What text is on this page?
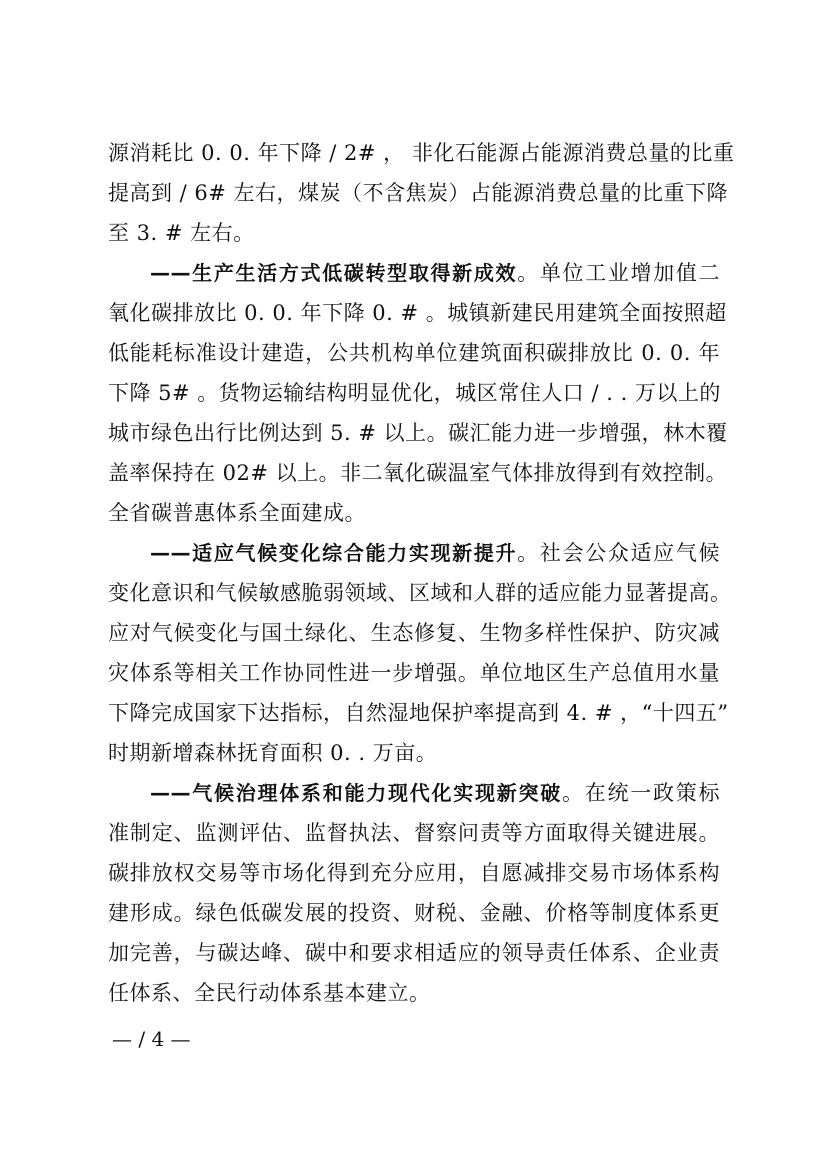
源消耗比 0. 0. 年下降 / 2# ， 非化石能源占能源消费总量的比重
提高到 / 6# 左右，煤炭（不含焦炭）占能源消费总量的比重下降
至 3. # 左右。
——生产生活方式低碳转型取得新成效。单位工业增加值二
氧化碳排放比 0. 0. 年下降 0. # 。城镇新建民用建筑全面按照超
低能耗标准设计建造，公共机构单位建筑面积碳排放比 0. 0. 年
下降 5# 。货物运输结构明显优化，城区常住人口 / . . 万以上的
城市绿色出行比例达到 5. # 以上。碳汇能力进一步增强，林木覆
盖率保持在 02# 以上。非二氧化碳温室气体排放得到有效控制。
全省碳普惠体系全面建成。
——适应气候变化综合能力实现新提升。社会公众适应气候
变化意识和气候敏感脆弱领域、区域和人群的适应能力显著提高。
应对气候变化与国土绿化、生态修复、生物多样性保护、防灾减
灾体系等相关工作协同性进一步增强。单位地区生产总值用水量
下降完成国家下达指标，自然湿地保护率提高到 4. # ，“十四五”
时期新增森林抚育面积 0. . 万亩。
——气候治理体系和能力现代化实现新突破。在统一政策标
准制定、监测评估、监督执法、督察问责等方面取得关键进展。
碳排放权交易等市场化得到充分应用，自愿减排交易市场体系构
建形成。绿色低碳发展的投资、财税、金融、价格等制度体系更
加完善，与碳达峰、碳中和要求相适应的领导责任体系、企业责
任体系、全民行动体系基本建立。
— / 4 —
